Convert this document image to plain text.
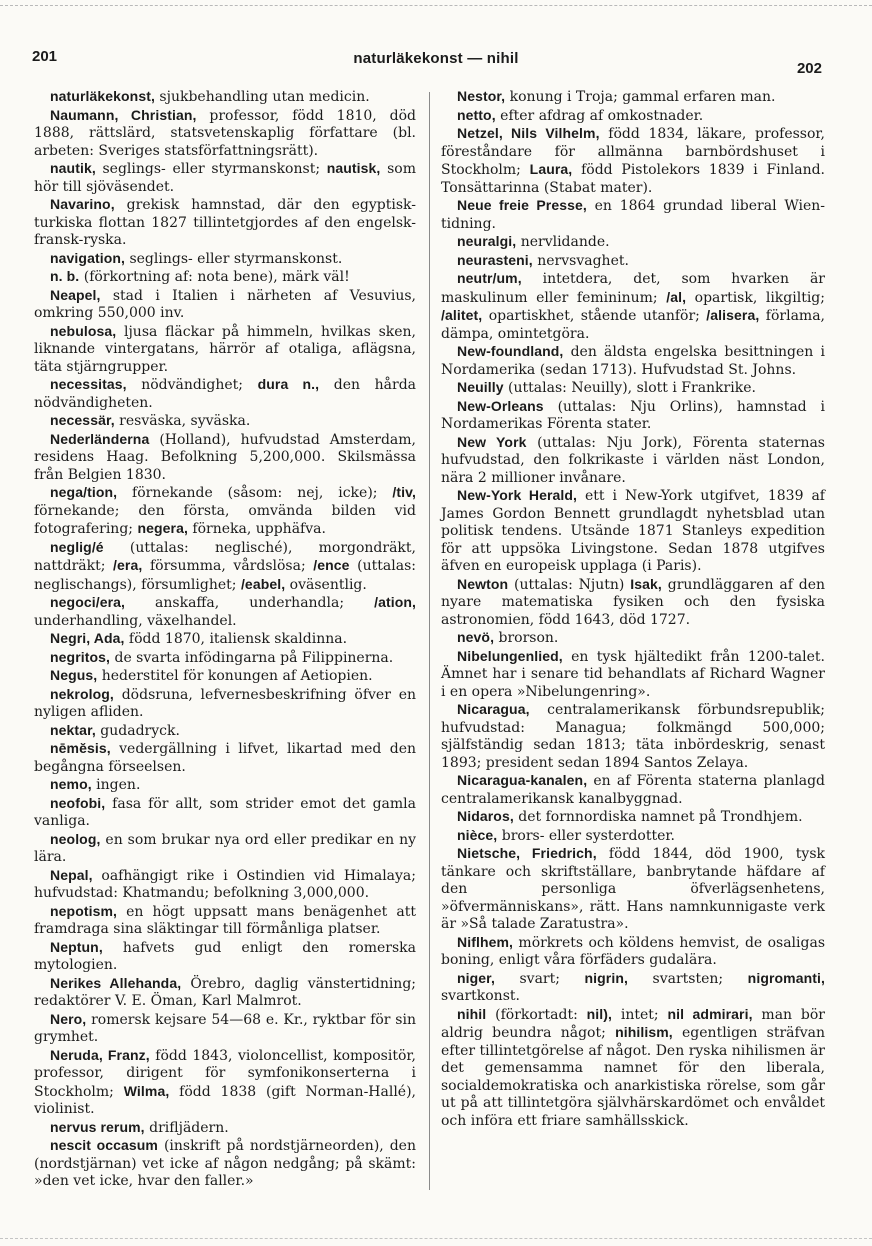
201	naturläkekonst — nihil
202

naturläkekonst, sjukbehandling utan medicin.

Naumann, Christian, professor, född 1810, död 1888, rättslärd, statsvetenskaplig författare (bl. arbeten: Sveriges statsförfattningsrätt).

nautik, seglings- eller styrmanskonst; nautisk, som hör till sjöväsendet.

Navarino, grekisk hamnstad, där den egyptisk-turkiska flottan 1827 tillintetgjordes af den engelsk-fransk-ryska.

navigation, seglings- eller styrmanskonst.

n. b. (förkortning af: nota bene), märk väl!

Neapel, stad i Italien i närheten af Vesuvius, omkring 550,000 inv.

nebulosa, ljusa fläckar på himmeln, hvilkas sken, liknande vintergatans, härrör af otaliga, aflägsna, täta stjärngrupper.

necessitas, nödvändighet; dura n., den hårda nödvändigheten.

necessär, resväska, syväska.

Nederländerna (Holland), hufvudstad Amsterdam, residens Haag. Befolkning 5,200,000. Skilsmässa från Belgien 1830.

nega/tion, förnekande (såsom: nej, icke); /tiv, förnekande; den första, omvända bilden vid fotografering; negera, förneka, upphäfva.

neglig/é (uttalas: neglisché), morgondräkt, nattdräkt; /era, försumma, vårdslösa; /ence (uttalas: neglischangs), försumlighet; /eabel, oväsentlig.

negoci/era, anskaffa, underhandla; /ation, underhandling, växelhandel.

Negri, Ada, född 1870, italiensk skaldinna.

negritos, de svarta infödingarna på Filippinerna.

Negus, hederstitel för konungen af Aetiopien.

nekrolog, dödsruna, lefvernesbeskrifning öfver en nyligen afliden.

nektar, gudadryck.

nēmĕsis, vedergällning i lifvet, likartad med den begångna förseelsen.

nemo, ingen.

neofobi, fasa för allt, som strider emot det gamla vanliga.

neolog, en som brukar nya ord eller predikar en ny lära.

Nepal, oafhängigt rike i Ostindien vid Himalaya; hufvudstad: Khatmandu; befolkning 3,000,000.

nepotism, en högt uppsatt mans benägenhet att framdraga sina släktingar till förmånliga platser.

Neptun, hafvets gud enligt den romerska mytologien.

Nerikes Allehanda, Örebro, daglig vänstertidning; redaktörer V. E. Öman, Karl Malmrot.

Nero, romersk kejsare 54—68 e. Kr., ryktbar för sin grymhet.

Neruda, Franz, född 1843, violoncellist, kompositör, professor, dirigent för symfonikonserterna i Stockholm; Wilma, född 1838 (gift Norman-Hallé), violinist.

nervus rerum, drifljädern.

nescit occasum (inskrift på nordstjärneorden), den (nordstjärnan) vet icke af någon nedgång; på skämt: »den vet icke, hvar den faller.»

Nestor, konung i Troja; gammal erfaren man.

netto, efter afdrag af omkostnader.

Netzel, Nils Vilhelm, född 1834, läkare, professor, föreståndare för allmänna barnbördshuset i Stockholm; Laura, född Pistolekors 1839 i Finland. Tonsättarinna (Stabat mater).

Neue freie Presse, en 1864 grundad liberal Wien-tidning.

neuralgi, nervlidande.

neurasteni, nervsvaghet.

neutr/um, intetdera, det, som hvarken är maskulinum eller femininum; /al, opartisk, likgiltig; /alitet, opartiskhet, stående utanför; /alisera, förlama, dämpa, omintetgöra.

New-foundland, den äldsta engelska besittningen i Nordamerika (sedan 1713). Hufvudstad St. Johns.

Neuilly (uttalas: Neuilly), slott i Frankrike.

New-Orleans (uttalas: Nju Orlins), hamnstad i Nordamerikas Förenta stater.

New York (uttalas: Nju Jork), Förenta staternas hufvudstad, den folkrikaste i världen näst London, nära 2 millioner invånare.

New-York Herald, ett i New-York utgifvet, 1839 af James Gordon Bennett grundlagdt nyhetsblad utan politisk tendens. Utsände 1871 Stanleys expedition för att uppsöka Livingstone. Sedan 1878 utgifves äfven en europeisk upplaga (i Paris).

Newton (uttalas: Njutn) Isak, grundläggaren af den nyare matematiska fysiken och den fysiska astronomien, född 1643, död 1727.

nevö, brorson.

Nibelungenlied, en tysk hjältedikt från 1200-talet. Ämnet har i senare tid behandlats af Richard Wagner i en opera »Nibelungenring».

Nicaragua, centralamerikansk förbundsrepublik; hufvudstad: Managua; folkmängd 500,000; själfständig sedan 1813; täta inbördeskrig, senast 1893; president sedan 1894 Santos Zelaya.

Nicaragua-kanalen, en af Förenta staterna planlagd centralamerikansk kanalbyggnad.

Nidaros, det fornnordiska namnet på Trondhjem.

nièce, brors- eller systerdotter.

Nietsche, Friedrich, född 1844, död 1900, tysk tänkare och skriftställare, banbrytande häfdare af den personliga öfverlägsenhetens, »öfvermänniskans», rätt. Hans namnkunnigaste verk är »Så talade Zaratustra».

Niflhem, mörkrets och köldens hemvist, de osaligas boning, enligt våra förfäders gudalära.

niger, svart; nigrin, svartsten; nigromanti, svartkonst.

nihil (förkortadt: nil), intet; nil admirari, man bör aldrig beundra något; nihilism, egentligen sträfvan efter tillintetgörelse af något. Den ryska nihilismen är det gemensamma namnet för den liberala, socialdemokratiska och anarkistiska rörelse, som går ut på att tillintetgöra självhärskardömet och envåldet och införa ett friare samhällsskick.
